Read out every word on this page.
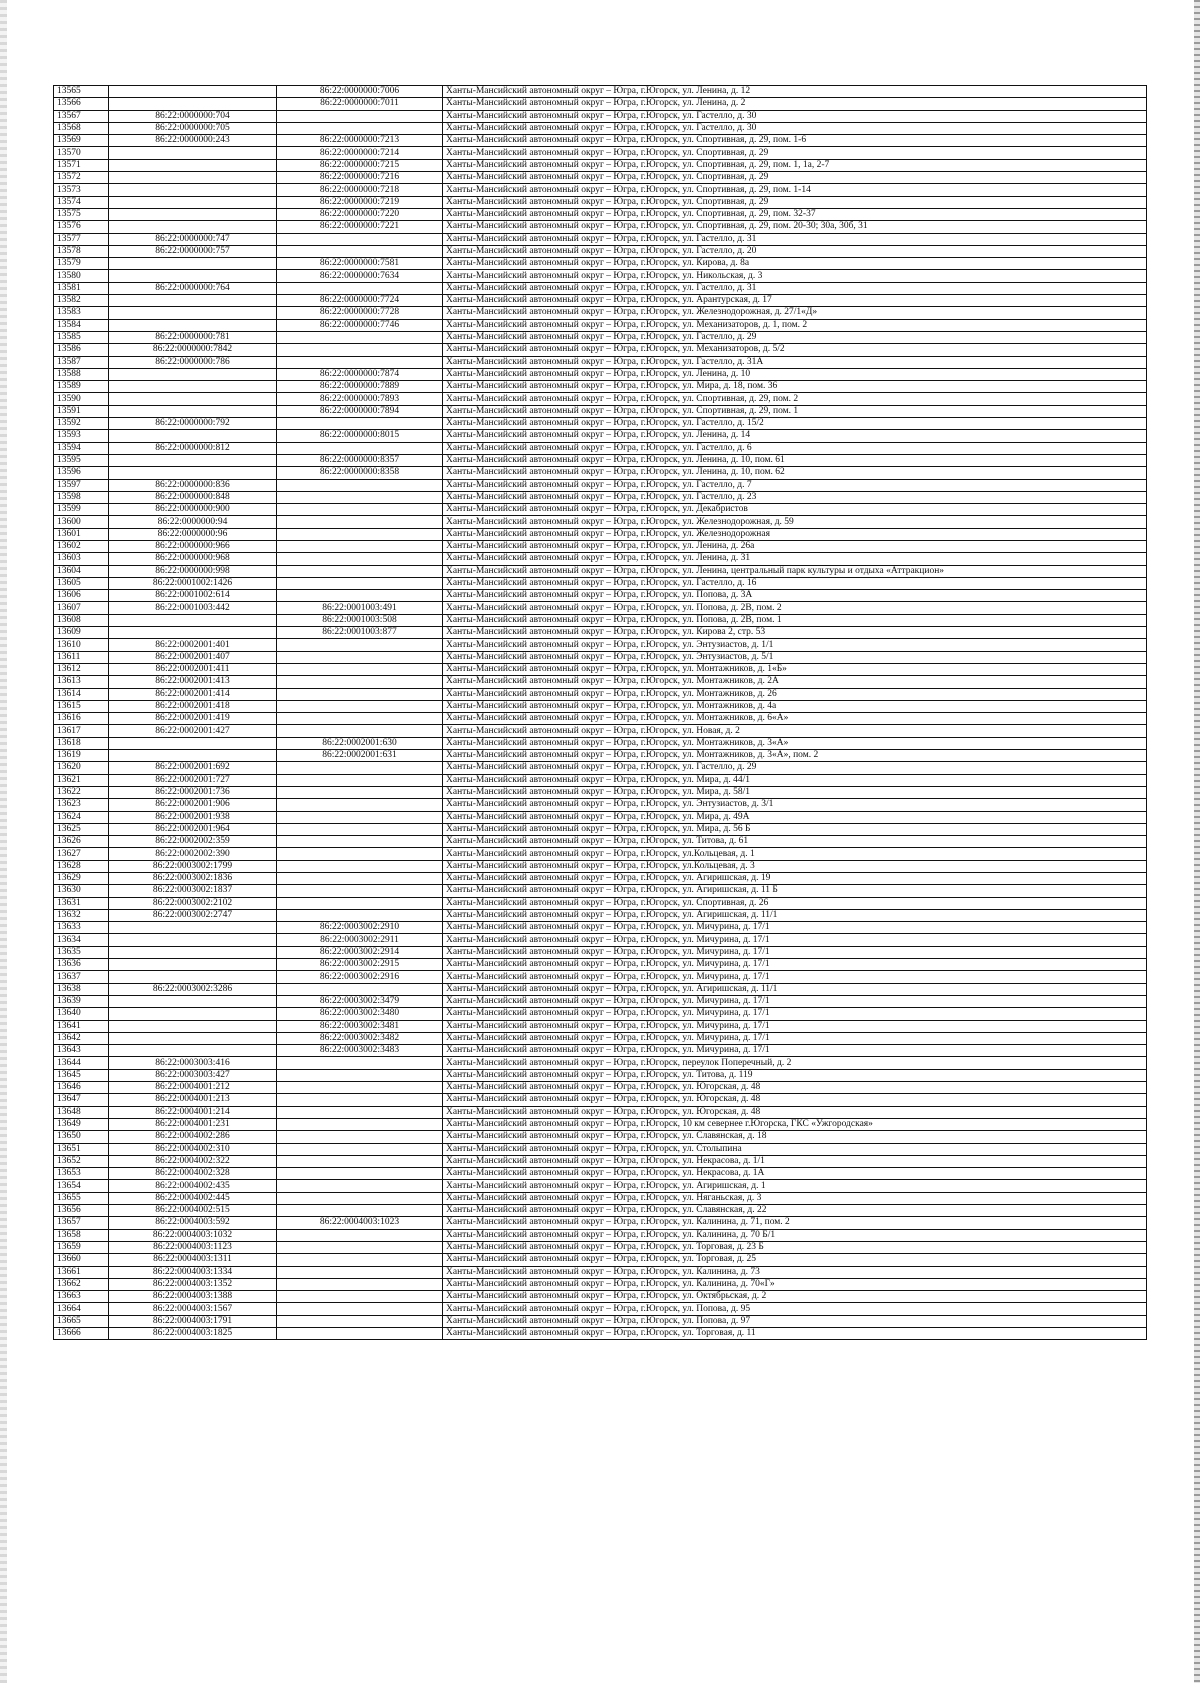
13565		86:22:0000000:7006	Ханты-Мансийский автономный округ – Югра, г.Югорск, ул. Ленина, д. 12
13566		86:22:0000000:7011	Ханты-Мансийский автономный округ – Югра, г.Югорск, ул. Ленина, д. 2
13567	86:22:0000000:704		Ханты-Мансийский автономный округ – Югра, г.Югорск, ул. Гастелло, д. 30
13568	86:22:0000000:705		Ханты-Мансийский автономный округ – Югра, г.Югорск, ул. Гастелло, д. 30
13569	86:22:0000000:243	86:22:0000000:7213	Ханты-Мансийский автономный округ – Югра, г.Югорск, ул. Спортивная, д. 29, пом. 1-6
13570		86:22:0000000:7214	Ханты-Мансийский автономный округ – Югра, г.Югорск, ул. Спортивная, д. 29
13571		86:22:0000000:7215	Ханты-Мансийский автономный округ – Югра, г.Югорск, ул. Спортивная, д. 29, пом. 1, 1а, 2-7
13572		86:22:0000000:7216	Ханты-Мансийский автономный округ – Югра, г.Югорск, ул. Спортивная, д. 29
13573		86:22:0000000:7218	Ханты-Мансийский автономный округ – Югра, г.Югорск, ул. Спортивная, д. 29, пом. 1-14
13574		86:22:0000000:7219	Ханты-Мансийский автономный округ – Югра, г.Югорск, ул. Спортивная, д. 29
13575		86:22:0000000:7220	Ханты-Мансийский автономный округ – Югра, г.Югорск, ул. Спортивная, д. 29, пом. 32-37
13576		86:22:0000000:7221	Ханты-Мансийский автономный округ – Югра, г.Югорск, ул. Спортивная, д. 29, пом. 20-30; 30а, 30б, 31
13577	86:22:0000000:747		Ханты-Мансийский автономный округ – Югра, г.Югорск, ул. Гастелло, д. 31
13578	86:22:0000000:757		Ханты-Мансийский автономный округ – Югра, г.Югорск, ул. Гастелло, д. 20
13579		86:22:0000000:7581	Ханты-Мансийский автономный округ – Югра, г.Югорск, ул. Кирова, д. 8а
13580		86:22:0000000:7634	Ханты-Мансийский автономный округ – Югра, г.Югорск, ул. Никольская, д. 3
13581	86:22:0000000:764		Ханты-Мансийский автономный округ – Югра, г.Югорск, ул. Гастелло, д. 31
13582		86:22:0000000:7724	Ханты-Мансийский автономный округ – Югра, г.Югорск, ул. Арантурская, д. 17
13583		86:22:0000000:7728	Ханты-Мансийский автономный округ – Югра, г.Югорск, ул. Железнодорожная, д. 27/1«Д»
13584		86:22:0000000:7746	Ханты-Мансийский автономный округ – Югра, г.Югорск, ул. Механизаторов, д. 1, пом. 2
13585	86:22:0000000:781		Ханты-Мансийский автономный округ – Югра, г.Югорск, ул. Гастелло, д. 29
13586	86:22:0000000:7842		Ханты-Мансийский автономный округ – Югра, г.Югорск, ул. Механизаторов, д. 5/2
13587	86:22:0000000:786		Ханты-Мансийский автономный округ – Югра, г.Югорск, ул. Гастелло, д. 31А
13588		86:22:0000000:7874	Ханты-Мансийский автономный округ – Югра, г.Югорск, ул. Ленина, д. 10
13589		86:22:0000000:7889	Ханты-Мансийский автономный округ – Югра, г.Югорск, ул. Мира, д. 18, пом. 36
13590		86:22:0000000:7893	Ханты-Мансийский автономный округ – Югра, г.Югорск, ул. Спортивная, д. 29, пом. 2
13591		86:22:0000000:7894	Ханты-Мансийский автономный округ – Югра, г.Югорск, ул. Спортивная, д. 29, пом. 1
13592	86:22:0000000:792		Ханты-Мансийский автономный округ – Югра, г.Югорск, ул. Гастелло, д. 15/2
13593		86:22:0000000:8015	Ханты-Мансийский автономный округ – Югра, г.Югорск, ул. Ленина, д. 14
13594	86:22:0000000:812		Ханты-Мансийский автономный округ – Югра, г.Югорск, ул. Гастелло, д. 6
13595		86:22:0000000:8357	Ханты-Мансийский автономный округ – Югра, г.Югорск, ул. Ленина, д. 10, пом. 61
13596		86:22:0000000:8358	Ханты-Мансийский автономный округ – Югра, г.Югорск, ул. Ленина, д. 10, пом. 62
13597	86:22:0000000:836		Ханты-Мансийский автономный округ – Югра, г.Югорск, ул. Гастелло, д. 7
13598	86:22:0000000:848		Ханты-Мансийский автономный округ – Югра, г.Югорск, ул. Гастелло, д. 23
13599	86:22:0000000:900		Ханты-Мансийский автономный округ – Югра, г.Югорск, ул. Декабристов
13600	86:22:0000000:94		Ханты-Мансийский автономный округ – Югра, г.Югорск, ул. Железнодорожная, д. 59
13601	86:22:0000000:96		Ханты-Мансийский автономный округ – Югра, г.Югорск, ул. Железнодорожная
13602	86:22:0000000:966		Ханты-Мансийский автономный округ – Югра, г.Югорск, ул. Ленина, д. 26а
13603	86:22:0000000:968		Ханты-Мансийский автономный округ – Югра, г.Югорск, ул. Ленина, д. 31
13604	86:22:0000000:998		Ханты-Мансийский автономный округ – Югра, г.Югорск, ул. Ленина, центральный парк культуры и отдыха «Аттракцион»
13605	86:22:0001002:1426		Ханты-Мансийский автономный округ – Югра, г.Югорск, ул. Гастелло, д. 16
13606	86:22:0001002:614		Ханты-Мансийский автономный округ – Югра, г.Югорск, ул. Попова, д. 3А
13607	86:22:0001003:442	86:22:0001003:491	Ханты-Мансийский автономный округ – Югра, г.Югорск, ул. Попова, д. 2В, пом. 2
13608		86:22:0001003:508	Ханты-Мансийский автономный округ – Югра, г.Югорск, ул. Попова, д. 2В, пом. 1
13609		86:22:0001003:877	Ханты-Мансийский автономный округ – Югра, г.Югорск, ул. Кирова 2, стр. 53
13610	86:22:0002001:401		Ханты-Мансийский автономный округ – Югра, г.Югорск, ул. Энтузиастов, д. 1/1
13611	86:22:0002001:407		Ханты-Мансийский автономный округ – Югра, г.Югорск, ул. Энтузиастов, д. 5/1
13612	86:22:0002001:411		Ханты-Мансийский автономный округ – Югра, г.Югорск, ул. Монтажников, д. 1«Б»
13613	86:22:0002001:413		Ханты-Мансийский автономный округ – Югра, г.Югорск, ул. Монтажников, д. 2А
13614	86:22:0002001:414		Ханты-Мансийский автономный округ – Югра, г.Югорск, ул. Монтажников, д. 26
13615	86:22:0002001:418		Ханты-Мансийский автономный округ – Югра, г.Югорск, ул. Монтажников, д. 4а
13616	86:22:0002001:419		Ханты-Мансийский автономный округ – Югра, г.Югорск, ул. Монтажников, д. 6«А»
13617	86:22:0002001:427		Ханты-Мансийский автономный округ – Югра, г.Югорск, ул. Новая, д. 2
13618		86:22:0002001:630	Ханты-Мансийский автономный округ – Югра, г.Югорск, ул. Монтажников, д. 3«А»
13619		86:22:0002001:631	Ханты-Мансийский автономный округ – Югра, г.Югорск, ул. Монтажников, д. 3«А», пом. 2
13620	86:22:0002001:692		Ханты-Мансийский автономный округ – Югра, г.Югорск, ул. Гастелло, д. 29
13621	86:22:0002001:727		Ханты-Мансийский автономный округ – Югра, г.Югорск, ул. Мира, д. 44/1
13622	86:22:0002001:736		Ханты-Мансийский автономный округ – Югра, г.Югорск, ул. Мира, д. 58/1
13623	86:22:0002001:906		Ханты-Мансийский автономный округ – Югра, г.Югорск, ул. Энтузиастов, д. 3/1
13624	86:22:0002001:938		Ханты-Мансийский автономный округ – Югра, г.Югорск, ул. Мира, д. 49А
13625	86:22:0002001:964		Ханты-Мансийский автономный округ – Югра, г.Югорск, ул. Мира, д. 56 Б
13626	86:22:0002002:359		Ханты-Мансийский автономный округ – Югра, г.Югорск, ул. Титова, д. 61
13627	86:22:0002002:390		Ханты-Мансийский автономный округ – Югра, г.Югорск, ул.Кольцевая, д. 1
13628	86:22:0003002:1799		Ханты-Мансийский автономный округ – Югра, г.Югорск, ул.Кольцевая, д. 3
13629	86:22:0003002:1836		Ханты-Мансийский автономный округ – Югра, г.Югорск, ул. Агиришская, д. 19
13630	86:22:0003002:1837		Ханты-Мансийский автономный округ – Югра, г.Югорск, ул. Агиришская, д. 11 Б
13631	86:22:0003002:2102		Ханты-Мансийский автономный округ – Югра, г.Югорск, ул. Спортивная, д. 26
13632	86:22:0003002:2747		Ханты-Мансийский автономный округ – Югра, г.Югорск, ул. Агиришская, д. 11/1
13633		86:22:0003002:2910	Ханты-Мансийский автономный округ – Югра, г.Югорск, ул. Мичурина, д. 17/1
13634		86:22:0003002:2911	Ханты-Мансийский автономный округ – Югра, г.Югорск, ул. Мичурина, д. 17/1
13635		86:22:0003002:2914	Ханты-Мансийский автономный округ – Югра, г.Югорск, ул. Мичурина, д. 17/1
13636		86:22:0003002:2915	Ханты-Мансийский автономный округ – Югра, г.Югорск, ул. Мичурина, д. 17/1
13637		86:22:0003002:2916	Ханты-Мансийский автономный округ – Югра, г.Югорск, ул. Мичурина, д. 17/1
13638	86:22:0003002:3286		Ханты-Мансийский автономный округ – Югра, г.Югорск, ул. Агиришская, д. 11/1
13639		86:22:0003002:3479	Ханты-Мансийский автономный округ – Югра, г.Югорск, ул. Мичурина, д. 17/1
13640		86:22:0003002:3480	Ханты-Мансийский автономный округ – Югра, г.Югорск, ул. Мичурина, д. 17/1
13641		86:22:0003002:3481	Ханты-Мансийский автономный округ – Югра, г.Югорск, ул. Мичурина, д. 17/1
13642		86:22:0003002:3482	Ханты-Мансийский автономный округ – Югра, г.Югорск, ул. Мичурина, д. 17/1
13643		86:22:0003002:3483	Ханты-Мансийский автономный округ – Югра, г.Югорск, ул. Мичурина, д. 17/1
13644	86:22:0003003:416		Ханты-Мансийский автономный округ – Югра, г.Югорск, переулок Поперечный, д. 2
13645	86:22:0003003:427		Ханты-Мансийский автономный округ – Югра, г.Югорск, ул. Титова, д. 119
13646	86:22:0004001:212		Ханты-Мансийский автономный округ – Югра, г.Югорск, ул. Югорская, д. 48
13647	86:22:0004001:213		Ханты-Мансийский автономный округ – Югра, г.Югорск, ул. Югорская, д. 48
13648	86:22:0004001:214		Ханты-Мансийский автономный округ – Югра, г.Югорск, ул. Югорская, д. 48
13649	86:22:0004001:231		Ханты-Мансийский автономный округ – Югра, г.Югорск, 10 км севернее г.Югорска, ГКС «Ужгородская»
13650	86:22:0004002:286		Ханты-Мансийский автономный округ – Югра, г.Югорск, ул. Славянская, д. 18
13651	86:22:0004002:310		Ханты-Мансийский автономный округ – Югра, г.Югорск, ул. Столыпина
13652	86:22:0004002:322		Ханты-Мансийский автономный округ – Югра, г.Югорск, ул. Некрасова, д. 1/1
13653	86:22:0004002:328		Ханты-Мансийский автономный округ – Югра, г.Югорск, ул. Некрасова, д. 1А
13654	86:22:0004002:435		Ханты-Мансийский автономный округ – Югра, г.Югорск, ул. Агиришская, д. 1
13655	86:22:0004002:445		Ханты-Мансийский автономный округ – Югра, г.Югорск, ул. Няганьская, д. 3
13656	86:22:0004002:515		Ханты-Мансийский автономный округ – Югра, г.Югорск, ул. Славянская, д. 22
13657	86:22:0004003:592	86:22:0004003:1023	Ханты-Мансийский автономный округ – Югра, г.Югорск, ул. Калинина, д. 71, пом. 2
13658	86:22:0004003:1032		Ханты-Мансийский автономный округ – Югра, г.Югорск, ул. Калинина, д. 70 Б/1
13659	86:22:0004003:1123		Ханты-Мансийский автономный округ – Югра, г.Югорск, ул. Торговая, д. 23 Б
13660	86:22:0004003:1311		Ханты-Мансийский автономный округ – Югра, г.Югорск, ул. Торговая, д. 25
13661	86:22:0004003:1334		Ханты-Мансийский автономный округ – Югра, г.Югорск, ул. Калинина, д. 73
13662	86:22:0004003:1352		Ханты-Мансийский автономный округ – Югра, г.Югорск, ул. Калинина, д. 70«Г»
13663	86:22:0004003:1388		Ханты-Мансийский автономный округ – Югра, г.Югорск, ул. Октябрьская, д. 2
13664	86:22:0004003:1567		Ханты-Мансийский автономный округ – Югра, г.Югорск, ул. Попова, д. 95
13665	86:22:0004003:1791		Ханты-Мансийский автономный округ – Югра, г.Югорск, ул. Попова, д. 97
13666	86:22:0004003:1825		Ханты-Мансийский автономный округ – Югра, г.Югорск, ул. Торговая, д. 11
